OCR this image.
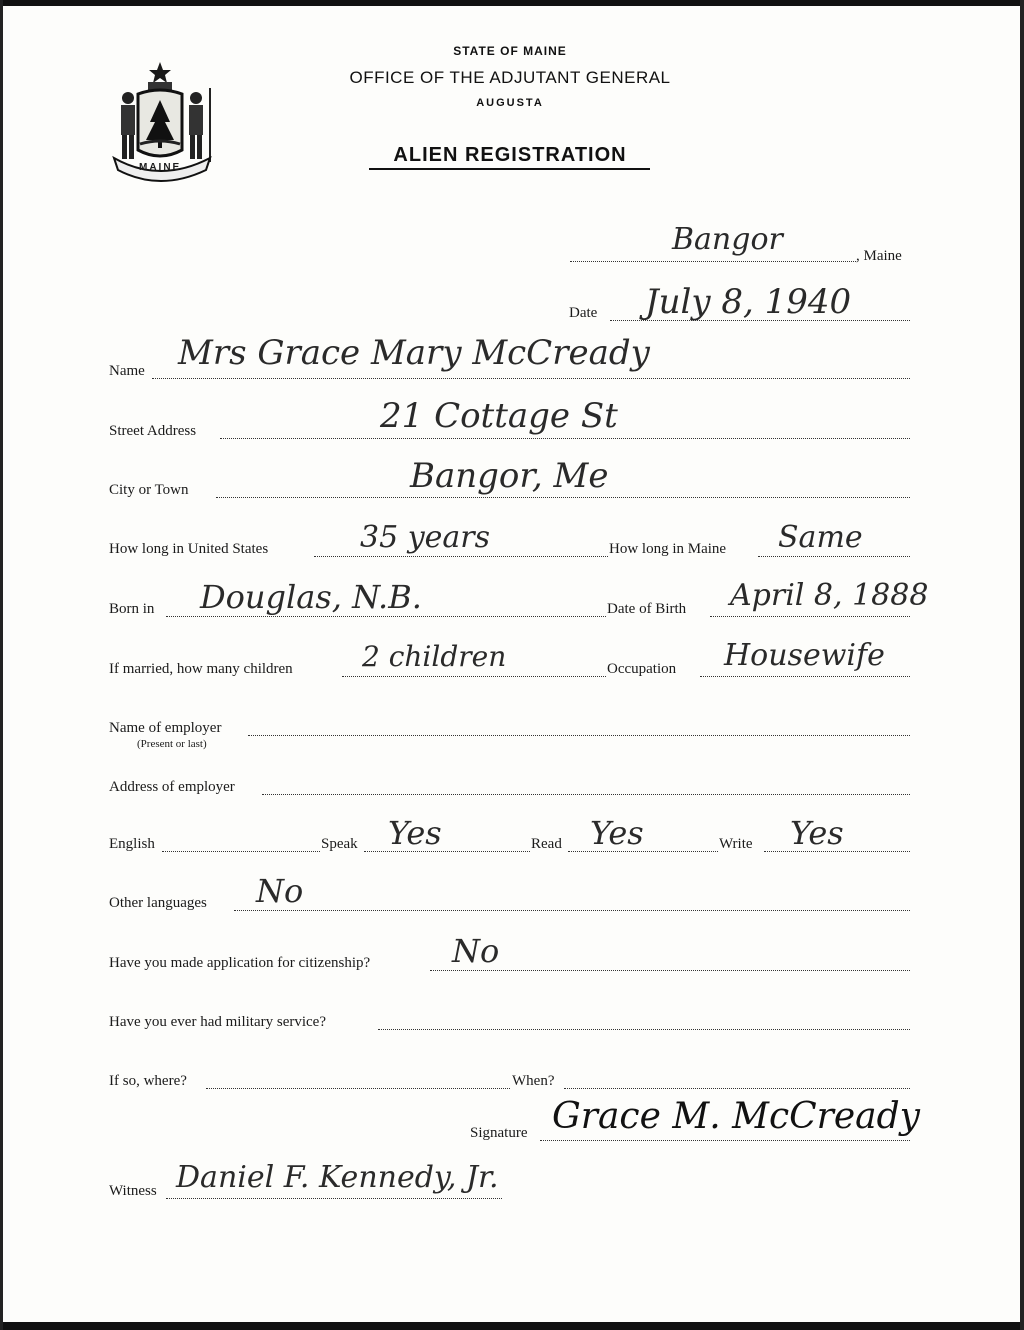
MAINE
STATE OF MAINE
OFFICE OF THE ADJUTANT GENERAL
AUGUSTA
ALIEN REGISTRATION
Bangor	, Maine
Date July 8, 1940
Name Mrs Grace Mary McCready
Street Address	21 Cottage St
City or Town	Bangor, Me
How long in United States	35 years	How long in Maine Same
Born in Douglas, N.B.	Date of Birth April 8, 1888
If married, how many children 2 children	Occupation Housewife
Name of employer
(Present or last)
Address of employer
English	Speak Yes	Read Yes	Write Yes
Other languages No
Have you made application for citizenship?	No
Have you ever had military service?
If so, where?	When?
Signature Grace M. McCready
Witness Daniel F. Kennedy, Jr.
